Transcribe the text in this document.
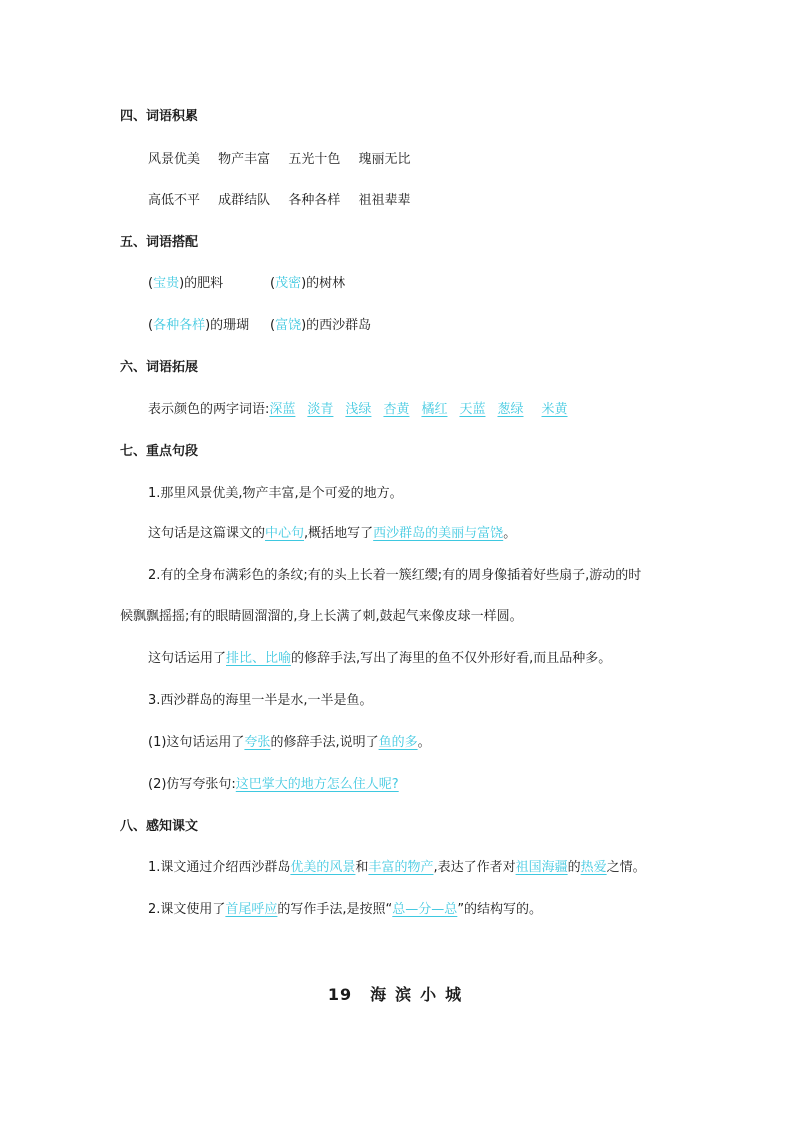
四、词语积累
风景优美 物产丰富 五光十色 瑰丽无比
高低不平 成群结队 各种各样 祖祖辈辈
五、词语搭配
(宝贵)的肥料	(茂密)的树林
(各种各样)的珊瑚 (富饶)的西沙群岛
六、词语拓展
表示颜色的两字词语:深蓝 淡青 浅绿 杏黄 橘红 天蓝 葱绿 米黄
七、重点句段
1.那里风景优美,物产丰富,是个可爱的地方。
这句话是这篇课文的中心句,概括地写了西沙群岛的美丽与富饶。
2.有的全身布满彩色的条纹;有的头上长着一簇红缨;有的周身像插着好些扇子,游动的时
候飘飘摇摇;有的眼睛圆溜溜的,身上长满了刺,鼓起气来像皮球一样圆。
这句话运用了排比、比喻的修辞手法,写出了海里的鱼不仅外形好看,而且品种多。
3.西沙群岛的海里一半是水,一半是鱼。
(1)这句话运用了夸张的修辞手法,说明了鱼的多。
(2)仿写夸张句:这巴掌大的地方怎么住人呢?
八、感知课文
1.课文通过介绍西沙群岛优美的风景和丰富的物产,表达了作者对祖国海疆的热爱之情。
2.课文使用了首尾呼应的写作手法,是按照“总—分—总”的结构写的。
19 海 滨 小 城
